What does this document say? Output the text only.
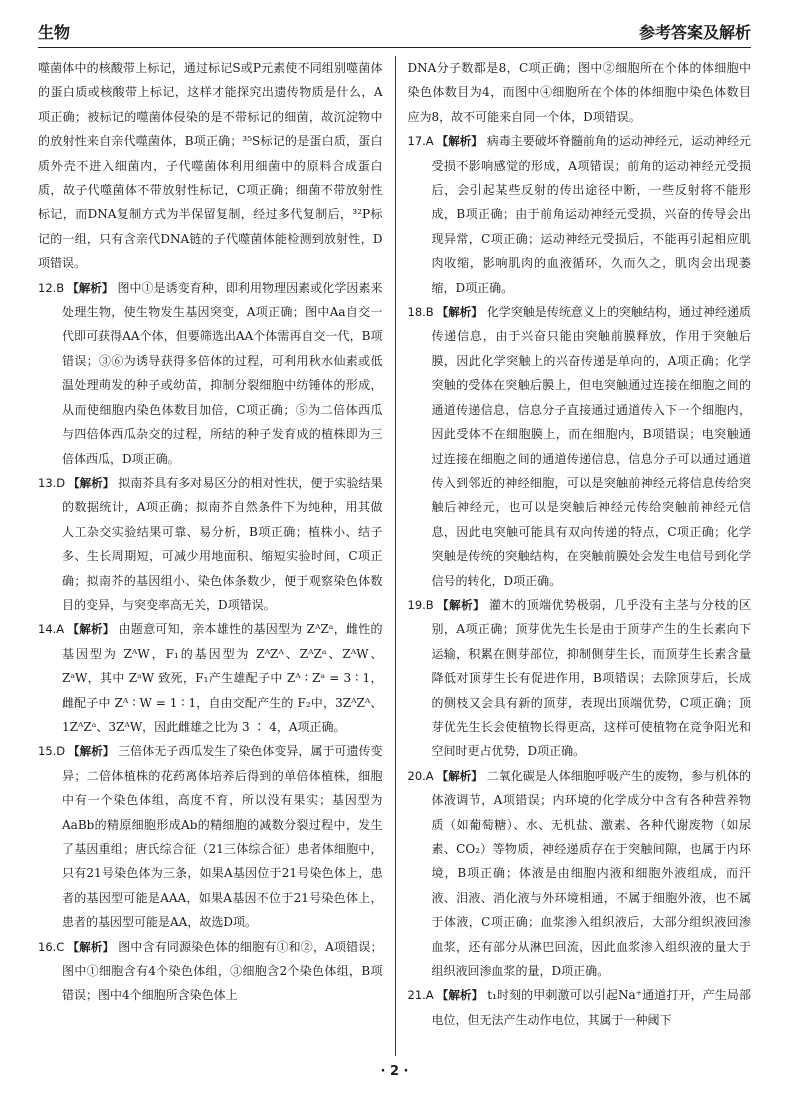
生物	参考答案及解析

噬菌体中的核酸带上标记，通过标记S或P元素使不同组别噬菌体的蛋白质或核酸带上标记，这样才能探究出遗传物质是什么，A项正确；被标记的噬菌体侵染的是不带标记的细菌，故沉淀物中的放射性来自亲代噬菌体，B项正确；³⁵S标记的是蛋白质，蛋白质外壳不进入细菌内，子代噬菌体利用细菌中的原料合成蛋白质，故子代噬菌体不带放射性标记，C项正确；细菌不带放射性标记，而DNA复制方式为半保留复制，经过多代复制后，³²P标记的一组，只有含亲代DNA链的子代噬菌体能检测到放射性，D项错误。

12.B 【解析】 图中①是诱变育种，即利用物理因素或化学因素来处理生物，使生物发生基因突变，A项正确；图中Aa自交一代即可获得AA个体，但要筛选出AA个体需再自交一代，B项错误；③⑥为诱导获得多倍体的过程，可利用秋水仙素或低温处理萌发的种子或幼苗，抑制分裂细胞中纺锤体的形成，从而使细胞内染色体数目加倍，C项正确；⑤为二倍体西瓜与四倍体西瓜杂交的过程，所结的种子发育成的植株即为三倍体西瓜，D项正确。

13.D 【解析】 拟南芥具有多对易区分的相对性状，便于实验结果的数据统计，A项正确；拟南芥自然条件下为纯种，用其做人工杂交实验结果可靠、易分析，B项正确；植株小、结子多、生长周期短，可减少用地面积、缩短实验时间，C项正确；拟南芥的基因组小、染色体条数少，便于观察染色体数目的变异，与突变率高无关，D项错误。

14.A 【解析】 由题意可知，亲本雄性的基因型为 ZᴬZᵃ，雌性的基因型为 ZᴬW，F₁的基因型为 ZᴬZᴬ、ZᴬZᵃ、ZᴬW、ZᵃW，其中 ZᵃW 致死，F₁产生雄配子中 Zᴬ ∶ Zᵃ = 3 ∶ 1，雌配子中 Zᴬ ∶ W = 1 ∶ 1，自由交配产生的 F₂中，3ZᴬZᴬ、1ZᴬZᵃ、3ZᴬW，因此雌雄之比为 3 ∶ 4，A项正确。

15.D 【解析】 三倍体无子西瓜发生了染色体变异，属于可遗传变异；二倍体植株的花药离体培养后得到的单倍体植株，细胞中有一个染色体组，高度不育，所以没有果实；基因型为AaBb的精原细胞形成Ab的精细胞的减数分裂过程中，发生了基因重组；唐氏综合征（21三体综合征）患者体细胞中，只有21号染色体为三条，如果A基因位于21号染色体上，患者的基因型可能是AAA，如果A基因不位于21号染色体上，患者的基因型可能是AA，故选D项。

16.C 【解析】 图中含有同源染色体的细胞有①和②，A项错误；图中①细胞含有4个染色体组，③细胞含2个染色体组，B项错误；图中4个细胞所含染色体上

DNA分子数都是8，C项正确；图中②细胞所在个体的体细胞中染色体数目为4，而图中④细胞所在个体的体细胞中染色体数目应为8，故不可能来自同一个体，D项错误。

17.A 【解析】 病毒主要破坏脊髓前角的运动神经元，运动神经元受损不影响感觉的形成，A项错误；前角的运动神经元受损后，会引起某些反射的传出途径中断，一些反射将不能形成，B项正确；由于前角运动神经元受损，兴奋的传导会出现异常，C项正确；运动神经元受损后，不能再引起相应肌肉收缩，影响肌肉的血液循环，久而久之，肌肉会出现萎缩，D项正确。

18.B 【解析】 化学突触是传统意义上的突触结构，通过神经递质传递信息，由于兴奋只能由突触前膜释放，作用于突触后膜，因此化学突触上的兴奋传递是单向的，A项正确；化学突触的受体在突触后膜上，但电突触通过连接在细胞之间的通道传递信息，信息分子直接通过通道传入下一个细胞内，因此受体不在细胞膜上，而在细胞内，B项错误；电突触通过连接在细胞之间的通道传递信息，信息分子可以通过通道传入到邻近的神经细胞，可以是突触前神经元将信息传给突触后神经元，也可以是突触后神经元传给突触前神经元信息，因此电突触可能具有双向传递的特点，C项正确；化学突触是传统的突触结构，在突触前膜处会发生电信号到化学信号的转化，D项正确。

19.B 【解析】 灌木的顶端优势极弱，几乎没有主茎与分枝的区别，A项正确；顶芽优先生长是由于顶芽产生的生长素向下运输，积累在侧芽部位，抑制侧芽生长，而顶芽生长素含量降低对顶芽生长有促进作用，B项错误；去除顶芽后，长成的侧枝又会具有新的顶芽，表现出顶端优势，C项正确；顶芽优先生长会使植物长得更高，这样可使植物在竞争阳光和空间时更占优势，D项正确。

20.A 【解析】 二氧化碳是人体细胞呼吸产生的废物，参与机体的体液调节，A项错误；内环境的化学成分中含有各种营养物质（如葡萄糖）、水、无机盐、激素、各种代谢废物（如尿素、CO₂）等物质，神经递质存在于突触间隙，也属于内环境，B项正确；体液是由细胞内液和细胞外液组成，而汗液、泪液、消化液与外环境相通，不属于细胞外液，也不属于体液，C项正确；血浆渗入组织液后，大部分组织液回渗血浆，还有部分从淋巴回流，因此血浆渗入组织液的量大于组织液回渗血浆的量，D项正确。

21.A 【解析】 t₁时刻的甲刺激可以引起Na⁺通道打开，产生局部电位，但无法产生动作电位，其属于一种阈下

· 2 ·
